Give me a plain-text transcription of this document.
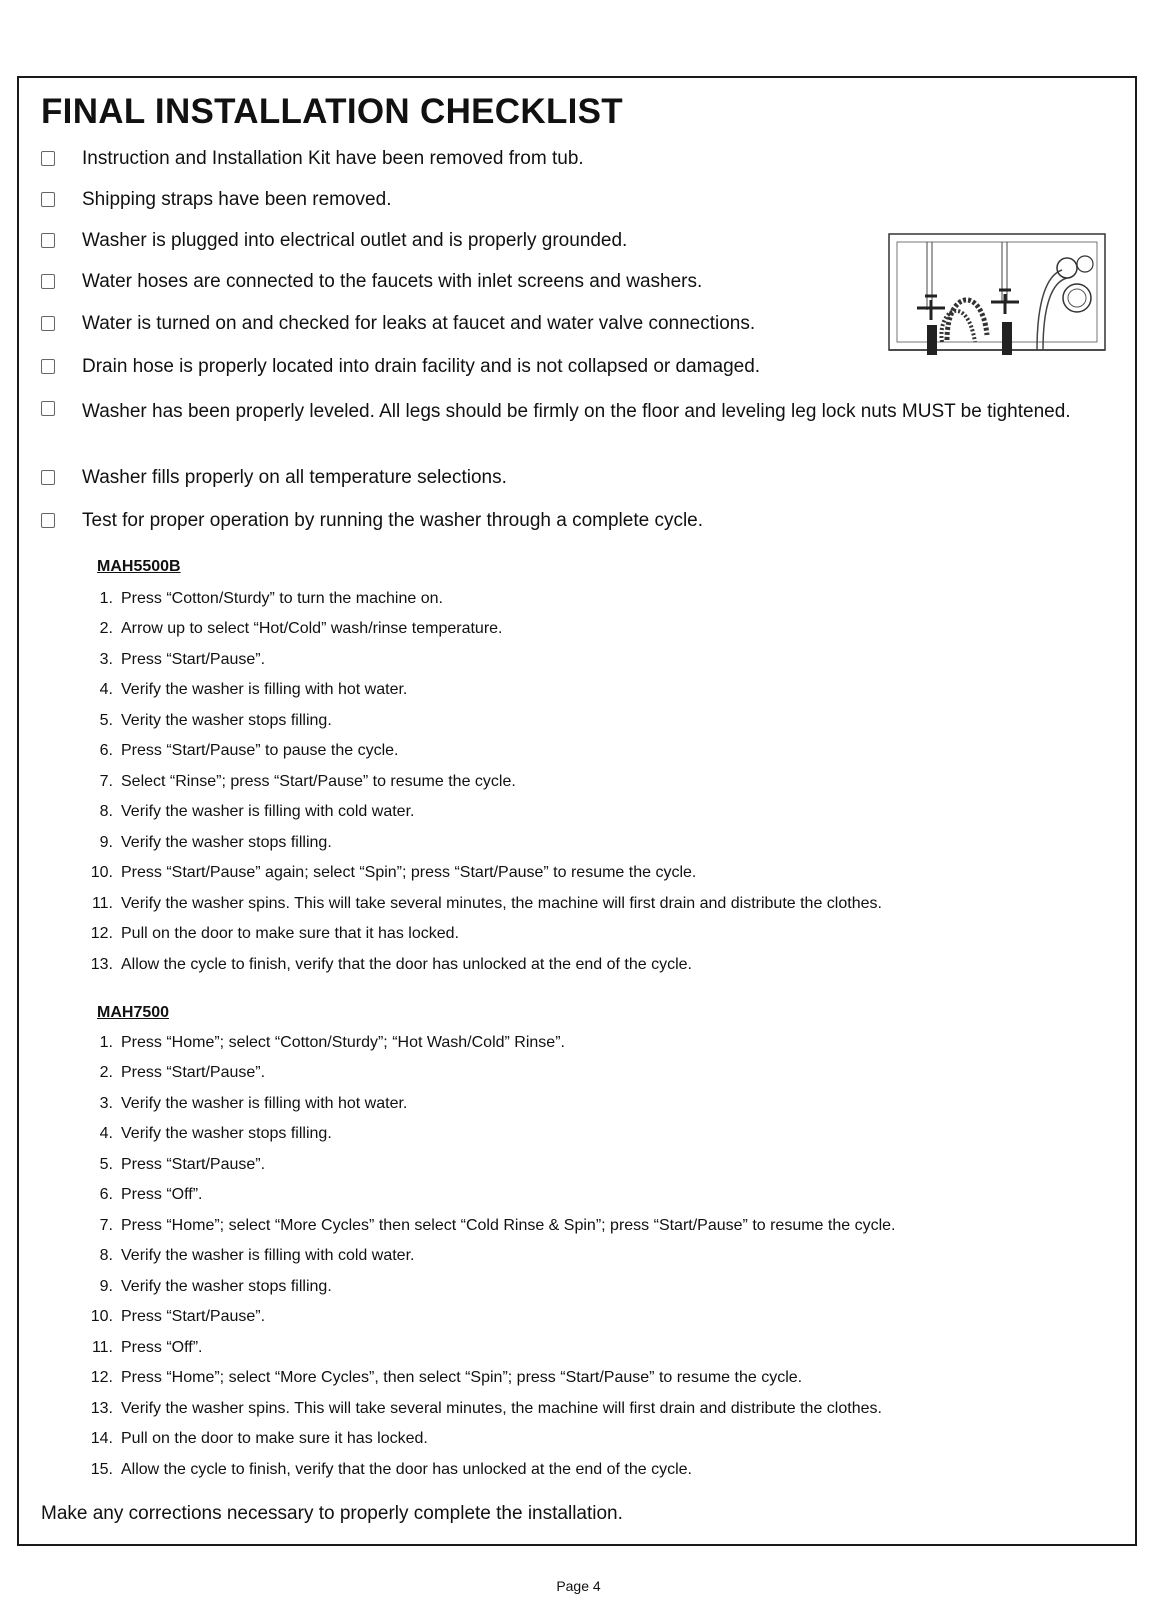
FINAL INSTALLATION CHECKLIST
Instruction and Installation Kit have been removed from tub.
Shipping straps have been removed.
Washer is plugged into electrical outlet and is properly grounded.
Water hoses are connected to the faucets with inlet screens and washers.
Water is turned on and checked for leaks at faucet and water valve connections.
Drain hose is properly located into drain facility and is not collapsed or damaged.
Washer has been properly leveled. All legs should be firmly on the floor and leveling leg lock nuts MUST be tightened.
Washer fills properly on all temperature selections.
Test for proper operation by running the washer through a complete cycle.
MAH5500B
1. Press “Cotton/Sturdy” to turn the machine on.
2. Arrow up to select “Hot/Cold” wash/rinse temperature.
3. Press “Start/Pause”.
4. Verify the washer is filling with hot water.
5. Verity the washer stops filling.
6. Press “Start/Pause” to pause the cycle.
7. Select “Rinse”; press “Start/Pause” to resume the cycle.
8. Verify the washer is filling with cold water.
9. Verify the washer stops filling.
10. Press “Start/Pause” again; select “Spin”; press “Start/Pause” to resume the cycle.
11. Verify the washer spins. This will take several minutes, the machine will first drain and distribute the clothes.
12. Pull on the door to make sure that it has locked.
13. Allow the cycle to finish, verify that the door has unlocked at the end of the cycle.
MAH7500
1. Press “Home”; select “Cotton/Sturdy”; “Hot Wash/Cold” Rinse”.
2. Press “Start/Pause”.
3. Verify the washer is filling with hot water.
4. Verify the washer stops filling.
5. Press “Start/Pause”.
6. Press “Off”.
7. Press “Home”; select “More Cycles” then select “Cold Rinse & Spin”; press “Start/Pause” to resume the cycle.
8. Verify the washer is filling with cold water.
9. Verify the washer stops filling.
10. Press “Start/Pause”.
11. Press “Off”.
12. Press “Home”; select “More Cycles”, then select “Spin”; press “Start/Pause” to resume the cycle.
13. Verify the washer spins. This will take several minutes, the machine will first drain and distribute the clothes.
14. Pull on the door to make sure it has locked.
15. Allow the cycle to finish, verify that the door has unlocked at the end of the cycle.
Make any corrections necessary to properly complete the installation.
Page 4
